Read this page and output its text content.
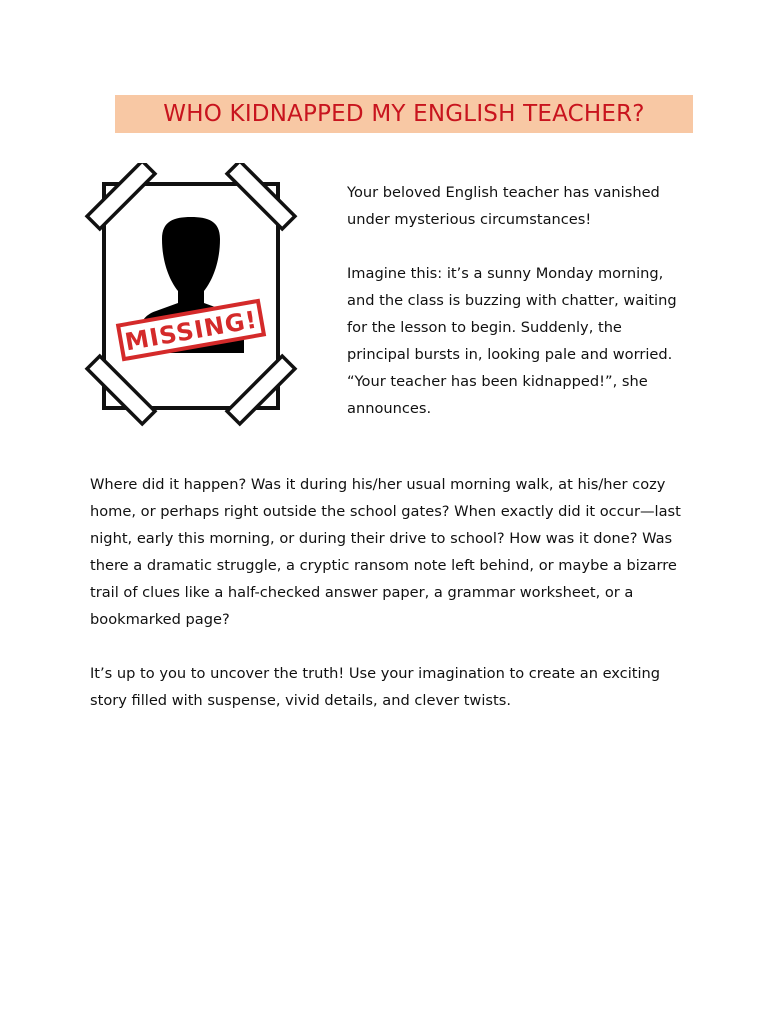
WHO KIDNAPPED MY ENGLISH TEACHER?
MISSING!

Your beloved English teacher has vanished under mysterious circumstances!

Imagine this: it’s a sunny Monday morning, and the class is buzzing with chatter, waiting for the lesson to begin. Suddenly, the principal bursts in, looking pale and worried. “Your teacher has been kidnapped!”, she announces.

Where did it happen? Was it during his/her usual morning walk, at his/her cozy home, or perhaps right outside the school gates? When exactly did it occur—last night, early this morning, or during their drive to school? How was it done? Was there a dramatic struggle, a cryptic ransom note left behind, or maybe a bizarre trail of clues like a half-checked answer paper, a grammar worksheet, or a bookmarked page?

It’s up to you to uncover the truth! Use your imagination to create an exciting story filled with suspense, vivid details, and clever twists.
